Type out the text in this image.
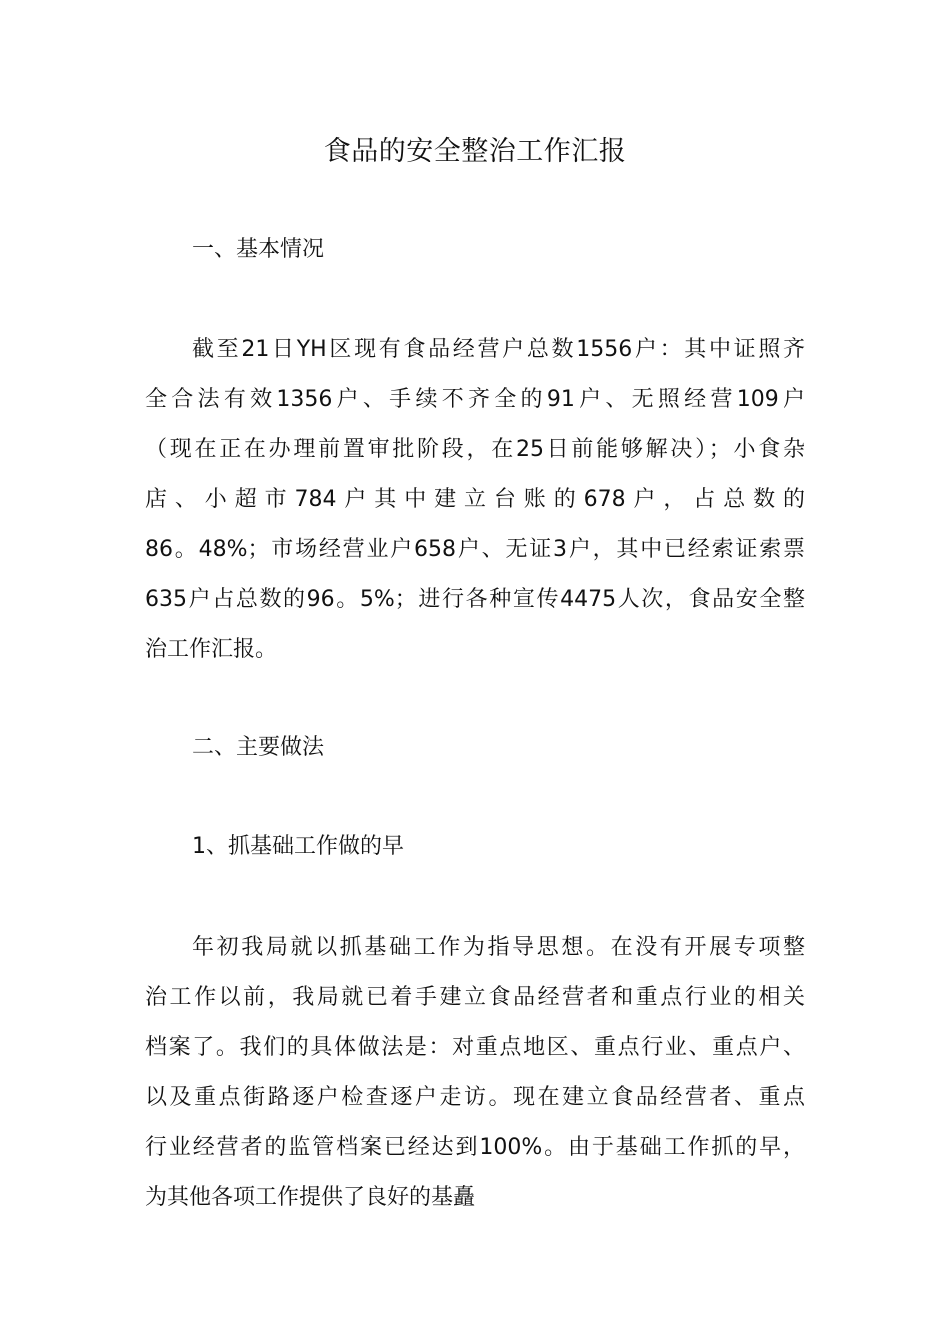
食品的安全整治工作汇报
一、基本情况
截至21日YH区现有食品经营户总数1556户：其中证照齐
全合法有效1356户、手续不齐全的91户、无照经营109户
（现在正在办理前置审批阶段，在25日前能够解决）；小食杂
店、小超市784户其中建立台账的678户，占总数的
86。48%；市场经营业户658户、无证3户，其中已经索证索票
635户占总数的96。5%；进行各种宣传4475人次，食品安全整
治工作汇报。
二、主要做法
1、抓基础工作做的早
年初我局就以抓基础工作为指导思想。在没有开展专项整
治工作以前，我局就已着手建立食品经营者和重点行业的相关
档案了。我们的具体做法是：对重点地区、重点行业、重点户、
以及重点街路逐户检查逐户走访。现在建立食品经营者、重点
行业经营者的监管档案已经达到100%。由于基础工作抓的早，
为其他各项工作提供了良好的基矗
